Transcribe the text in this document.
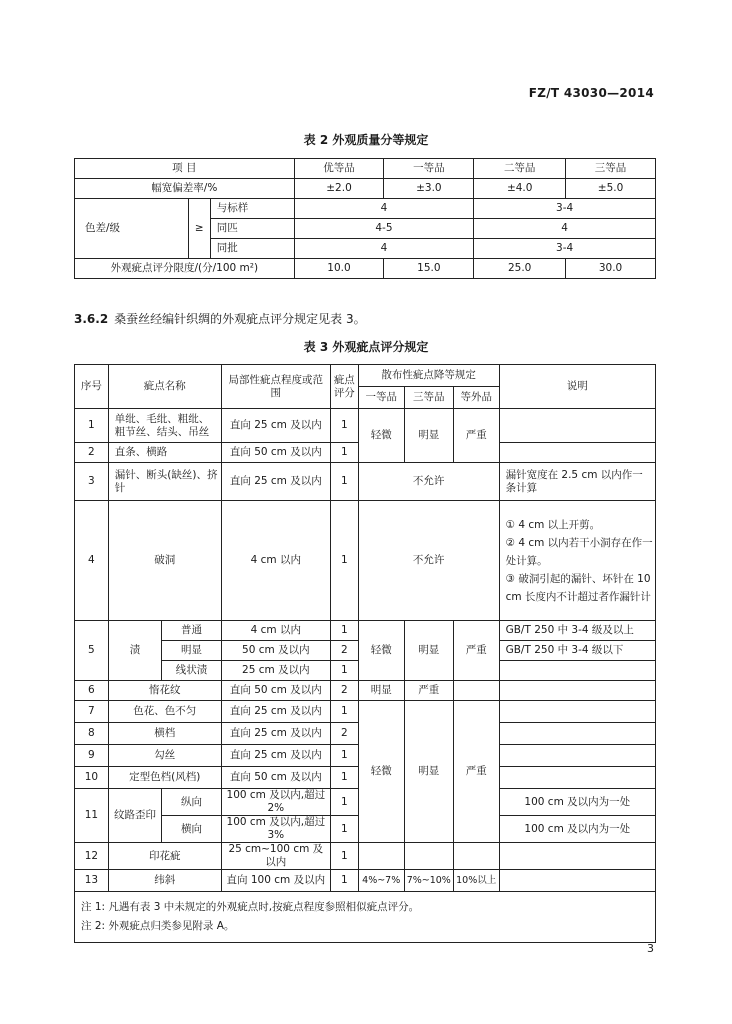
FZ/T 43030—2014
表 2 外观质量分等规定
项 目			优等品	一等品	二等品	三等品
幅宽偏差率/%			±2.0	±3.0	±4.0	±5.0
色差/级	≥	与标样	4		3-4	
		同匹	4-5		4	
		同批	4		3-4	
外观疵点评分限度/(分/100 m²)			10.0	15.0	25.0	30.0
3.6.2 桑蚕丝经编针织绸的外观疵点评分规定见表 3。
表 3 外观疵点评分规定
序号	疵点名称		局部性疵点程度或范围	疵点评分	散布性疵点降等规定			说明
					一等品	三等品	等外品	
1	单纰、毛纰、粗纰、粗节丝、结头、吊丝		直向 25 cm 及以内	1	轻微	明显	严重	
2	直条、横路		直向 50 cm 及以内	1				
3	漏针、断头(缺丝)、挤针		直向 25 cm 及以内	1	不允许			漏针宽度在 2.5 cm 以内作一条计算
4	破洞		4 cm 以内	1	不允许			① 4 cm 以上开剪。
② 4 cm 以内若干小洞存在作一处计算。
③ 破洞引起的漏针、坏针在 10 cm 长度内不计超过者作漏针计

5	渍	普通	4 cm 以内	1	轻微	明显	严重	GB/T 250 中 3-4 级及以上
		明显	50 cm 及以内	2				GB/T 250 中 3-4 级以下
		线状渍	25 cm 及以内	1				
6	惰花纹		直向 50 cm 及以内	2	明显	严重		
7	色花、色不匀		直向 25 cm 及以内	1	轻微	明显	严重	
8	横档		直向 25 cm 及以内	2				
9	勾丝		直向 25 cm 及以内	1				
10	定型色档(风档)		直向 50 cm 及以内	1				
11	纹路歪印	纵向	100 cm 及以内,超过 2%	1				100 cm 及以内为一处
		横向	100 cm 及以内,超过 3%	1				100 cm 及以内为一处
12	印花疵		25 cm~100 cm 及以内	1				
13	纬斜		直向 100 cm 及以内	1	4%~7%	7%~10%	10%以上	

注 1: 凡遇有表 3 中未规定的外观疵点时,按疵点程度参照相似疵点评分。
注 2: 外观疵点归类参见附录 A。								
3
